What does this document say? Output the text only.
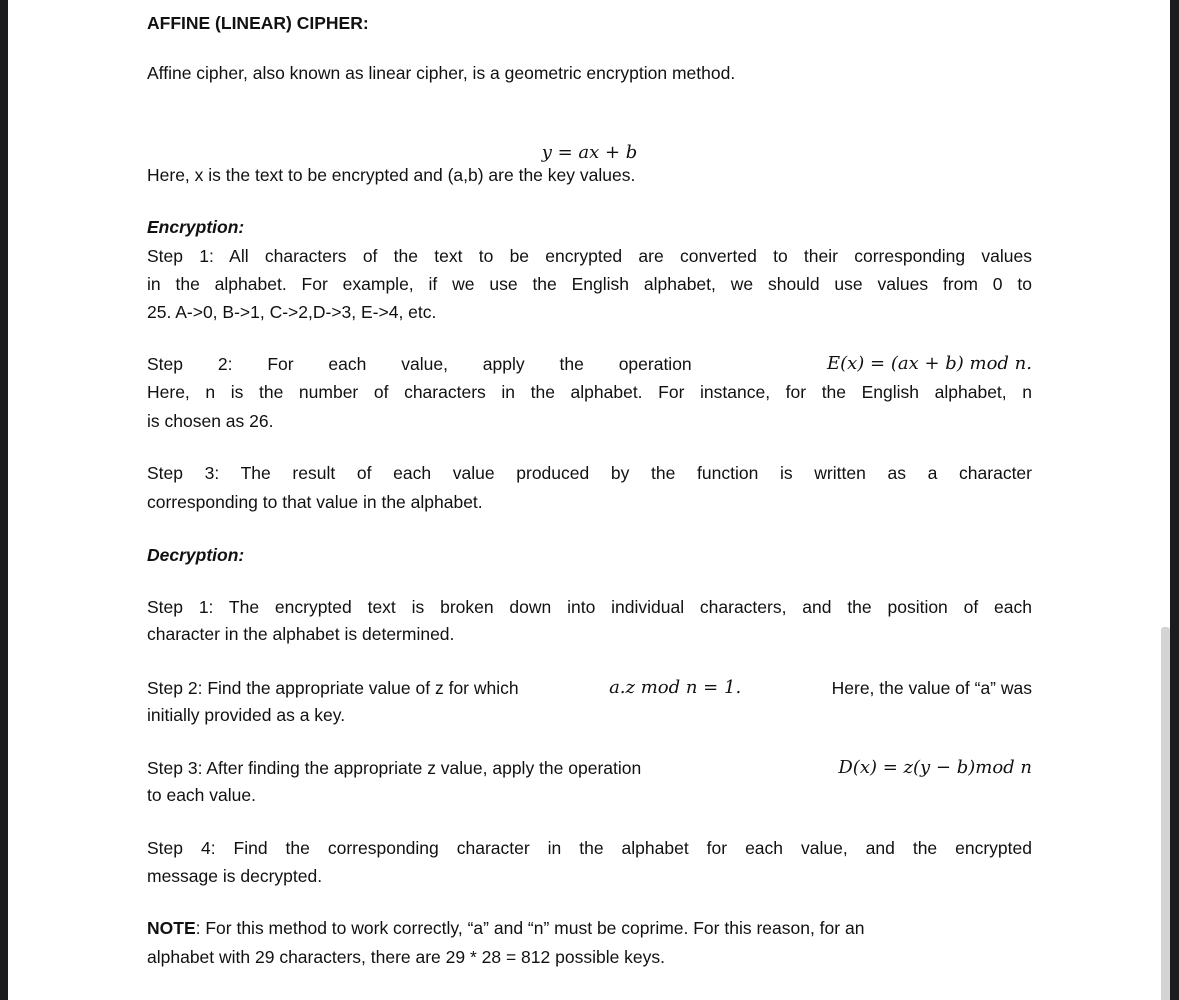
AFFINE (LINEAR) CIPHER:
Affine cipher, also known as linear cipher, is a geometric encryption method.
y = ax + b
Here, x is the text to be encrypted and (a,b) are the key values.
Encryption:
Step 1: All characters of the text to be encrypted are converted to their corresponding values
in the alphabet. For example, if we use the English alphabet, we should use values from 0 to
25. A->0, B->1, C->2,D->3, E->4, etc.
Step 2: For each value, apply the operation	E(x) = (ax + b) mod n.
Here, n is the number of characters in the alphabet. For instance, for the English alphabet, n
is chosen as 26.
Step 3: The result of each value produced by the function is written as a character
corresponding to that value in the alphabet.
Decryption:
Step 1: The encrypted text is broken down into individual characters, and the position of each
character in the alphabet is determined.
Step 2: Find the appropriate value of z for which	a.z mod n = 1.	Here, the value of “a” was
initially provided as a key.
Step 3: After finding the appropriate z value, apply the operation	D(x) = z(y − b)mod n
to each value.
Step 4: Find the corresponding character in the alphabet for each value, and the encrypted
message is decrypted.
NOTE: For this method to work correctly, “a” and “n” must be coprime. For this reason, for an
alphabet with 29 characters, there are 29 * 28 = 812 possible keys.
